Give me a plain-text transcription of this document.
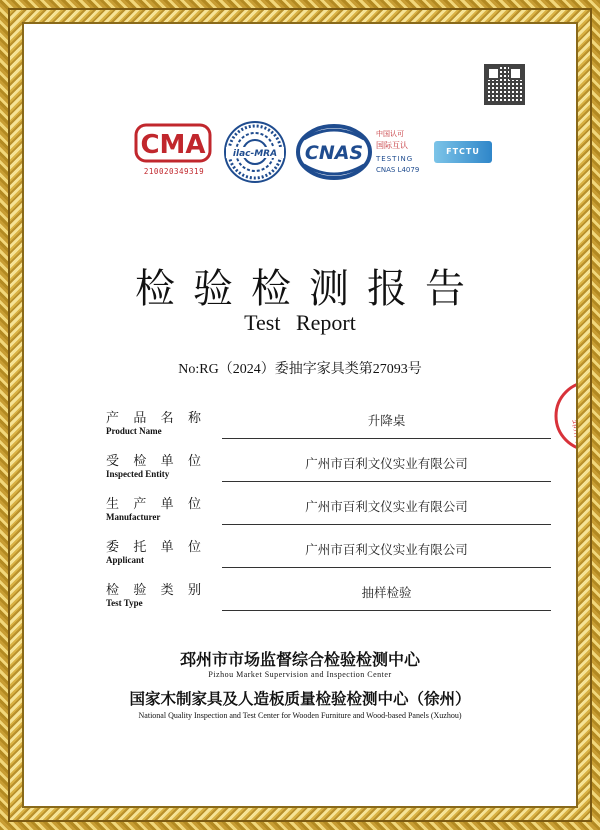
CMA
210020349319
ilac-MRA CNAS
中国认可
国际互认
TESTING
CNAS L4079
FTCTU
检验检测报告
Test Report
No:RG（2024）委抽字家具类第27093号
产 品 名 称
Product Name
升降桌
受 检 单 位
Inspected Entity
广州市百利文仪实业有限公司
生 产 单 位
Manufacturer
广州市百利文仪实业有限公司
委 托 单 位
Applicant
广州市百利文仪实业有限公司
检 验 类 别
Test Type
抽样检验
邳州市市场监督综合检验检测中心
Pizhou Market Supervision and Inspection Center
国家木制家具及人造板质量检验检测中心（徐州）
National Quality Inspection and Test Center for Wooden Furniture and Wood-based Panels (Xuzhou)
邳州市市
